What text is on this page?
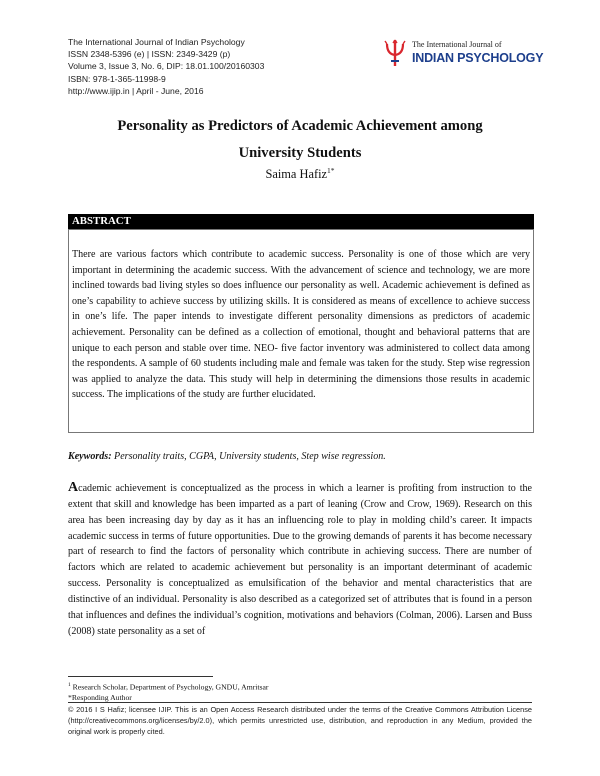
The International Journal of Indian Psychology
ISSN 2348-5396 (e) | ISSN: 2349-3429 (p)
Volume 3, Issue 3, No. 6, DIP: 18.01.100/20160303
ISBN: 978-1-365-11998-9
http://www.ijip.in | April - June, 2016
The International Journal of
INDIAN PSYCHOLOGY
Personality as Predictors of Academic Achievement among
University Students
Saima Hafiz$^{1*}$
ABSTRACT
There are various factors which contribute to academic success. Personality is one of those which are very important in determining the academic success. With the advancement of science and technology, we are more inclined towards bad living styles so does influence our personality as well. Academic achievement is defined as one’s capability to achieve success by utilizing skills. It is considered as means of excellence to achieve success in one’s life. The paper intends to investigate different personality dimensions as predictors of academic achievement. Personality can be defined as a collection of emotional, thought and behavioral patterns that are unique to each person and stable over time. NEO- five factor inventory was administered to collect data among the respondents. A sample of 60 students including male and female was taken for the study. Step wise regression was applied to analyze the data. This study will help in determining the dimensions those results in academic success. The implications of the study are further elucidated.
Keywords: Personality traits, CGPA, University students, Step wise regression.
Academic achievement is conceptualized as the process in which a learner is profiting from instruction to the extent that skill and knowledge has been imparted as a part of leaning (Crow and Crow, 1969). Research on this area has been increasing day by day as it has an influencing role to play in molding child’s career. It impacts academic success in terms of future opportunities. Due to the growing demands of parents it has become necessary part of research to find the factors of personality which contribute in achieving success. There are number of factors which are related to academic achievement but personality is an important determinant of academic success. Personality is conceptualized as emulsification of the behavior and mental characteristics that are distinctive of an individual. Personality is also described as a categorized set of attributes that is found in a person that influences and defines the individual’s cognition, motivations and behaviors (Colman, 2006). Larsen and Buss (2008) state personality as a set of
$^1$ Research Scholar, Department of Psychology, GNDU, Amritsar
*Responding Author
© 2016 I S Hafiz; licensee IJIP. This is an Open Access Research distributed under the terms of the Creative Commons Attribution License (http://creativecommons.org/licenses/by/2.0), which permits unrestricted use, distribution, and reproduction in any Medium, provided the original work is properly cited.
